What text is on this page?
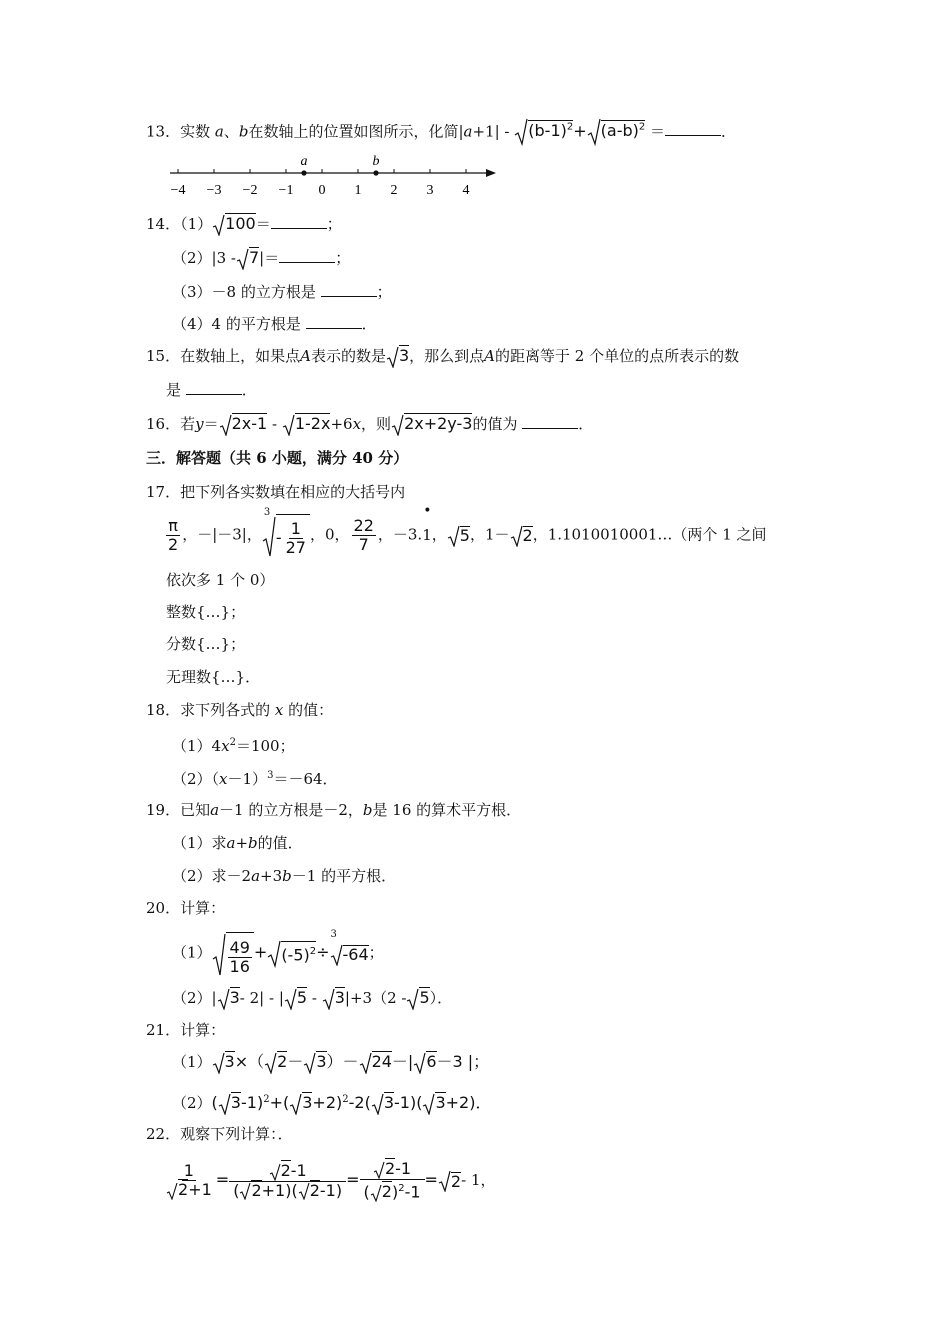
13．实数 a、b在数轴上的位置如图所示，化简$|a+1| - (b-1)^2+ (a-b)^2$ ＝	．
−4 −3 −2 −1 0 1 2 3 4
a	b
14．（1） 100＝	；
（2）|3 - 7|＝	；
（3）－8 的立方根是	；
（4）4 的平方根是	．
15．在数轴上，如果点A表示的数是 3，那么到点A的距离等于 2 个单位的点所表示的数
是	．
16．若y＝ 2x-1 - 1-2x+6x，则 2x+2y-3的值为	．
三．解答题（共 6 小题，满分 40 分）
17．把下列各实数填在相应的大括号内
$\frac{\pi}{2}$ ，－|－3|，
3
- $\frac{1}{27}$ ，0， $\frac{22}{7}$ ，－3.
•
1， 5，1－ 2，1.1010010001…（两个 1 之间
依次多 1 个 0）
整数{…}；
分数{…}；
无理数{…}．
18．求下列各式的 x 的值：
$(1)4x^2=100$；
$(2)(x-1)^3=-64$．
19．已知a－1 的立方根是－2，b是 16 的算术平方根．
（1）求a+b的值．
（2）求－2a+3b－1 的平方根．
20．计算：
$(1) \frac{49}{16} + (-5)^2\div$
3
-64；
（2）| 3- 2| - | 5 - 3|+3（2 - 5）．
21．计算：
（1） 3×（ 2－ 3）－ 24－| 6－3 |；
（2）( 3-1)$^2$+( 3+2)$^2$-2( 3-1)( 3+2)．
22．观察下列计算：．
$\frac{1}{2+1} = \frac{2-1}{( 2+1)( 2-1)} = \frac{2-1}{( 2)^2-1} = 2-$ 1，
